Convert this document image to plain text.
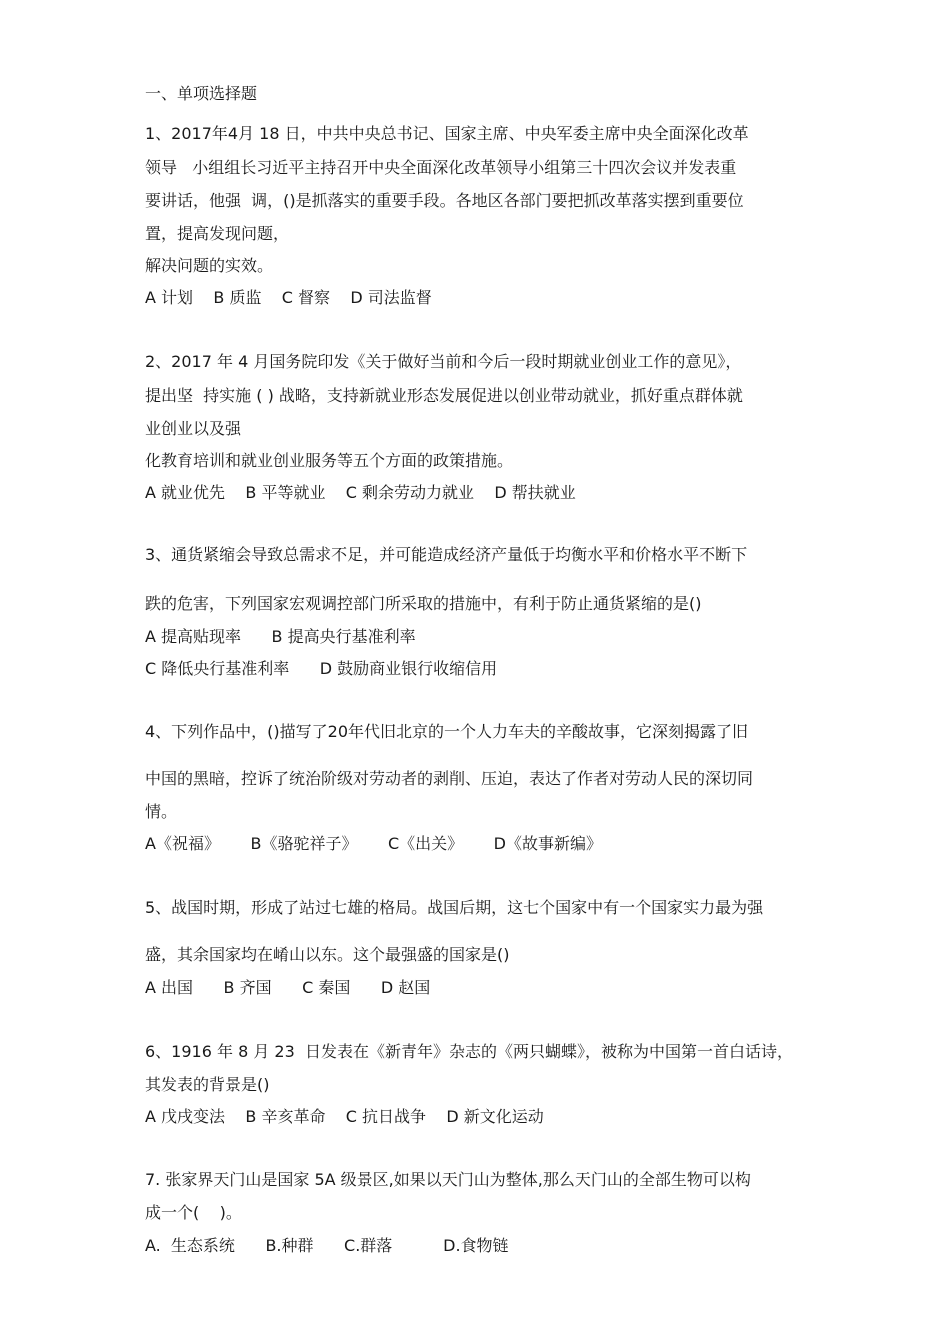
一、单项选择题
1、2017年4月 18 日，中共中央总书记、国家主席、中央军委主席中央全面深化改革
领导   小组组长习近平主持召开中央全面深化改革领导小组第三十四次会议并发表重
要讲话，他强  调，()是抓落实的重要手段。各地区各部门要把抓改革落实摆到重要位
置，提高发现问题，
解决问题的实效。
A 计划    B 质监    C 督察    D 司法监督
2、2017 年 4 月国务院印发《关于做好当前和今后一段时期就业创业工作的意见》，
提出坚  持实施 ( ) 战略，支持新就业形态发展促进以创业带动就业，抓好重点群体就
业创业以及强
化教育培训和就业创业服务等五个方面的政策措施。
A 就业优先    B 平等就业    C 剩余劳动力就业    D 帮扶就业
3、通货紧缩会导致总需求不足，并可能造成经济产量低于均衡水平和价格水平不断下
跌的危害，下列国家宏观调控部门所采取的措施中，有利于防止通货紧缩的是()
A 提高贴现率      B 提高央行基准利率
C 降低央行基准利率      D 鼓励商业银行收缩信用
4、下列作品中，()描写了20年代旧北京的一个人力车夫的辛酸故事，它深刻揭露了旧
中国的黑暗，控诉了统治阶级对劳动者的剥削、压迫，表达了作者对劳动人民的深切同
情。
A《祝福》      B《骆驼祥子》      C《出关》      D《故事新编》
5、战国时期，形成了站过七雄的格局。战国后期，这七个国家中有一个国家实力最为强
盛，其余国家均在崤山以东。这个最强盛的国家是()
A 出国      B 齐国      C 秦国      D 赵国
6、1916 年 8 月 23  日发表在《新青年》杂志的《两只蝴蝶》，被称为中国第一首白话诗，
其发表的背景是()
A 戊戌变法    B 辛亥革命    C 抗日战争    D 新文化运动
7. 张家界天门山是国家 5A 级景区,如果以天门山为整体,那么天门山的全部生物可以构
成一个(    )。
A.  生态系统      B.种群      C.群落          D.食物链
